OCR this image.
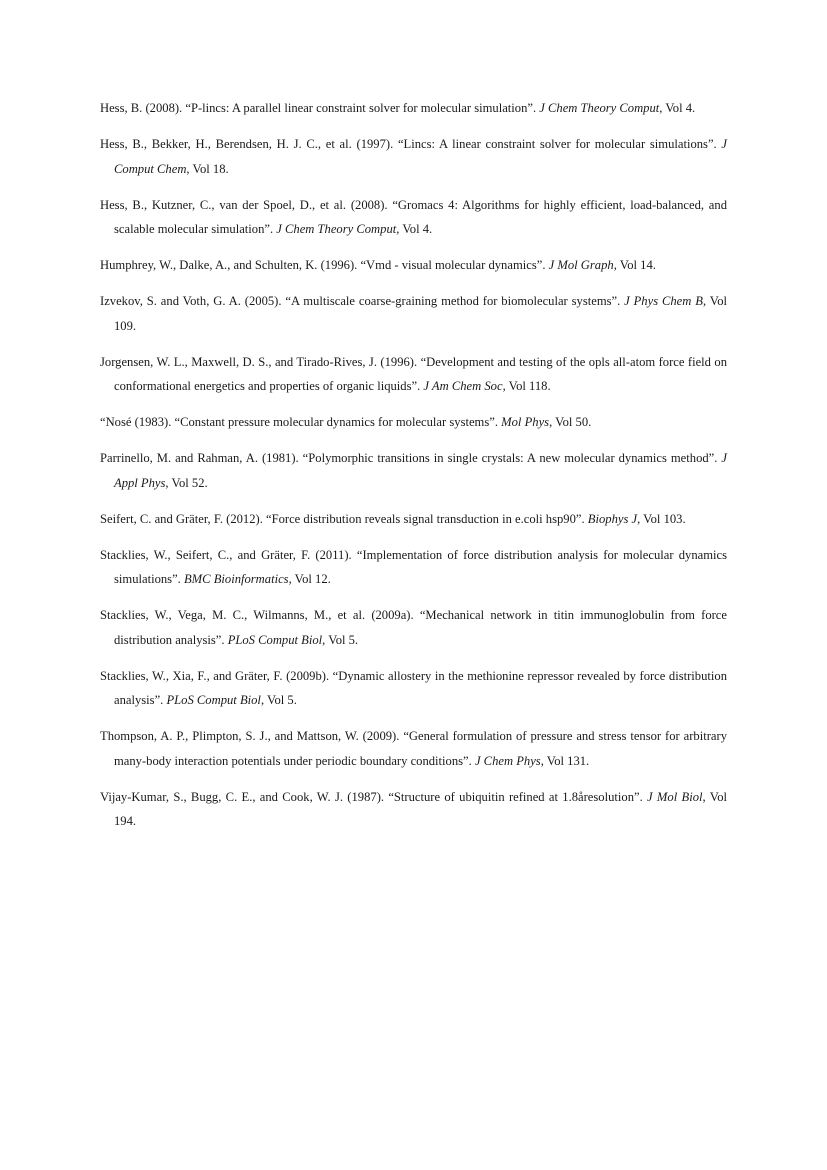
Hess, B. (2008). “P-lincs: A parallel linear constraint solver for molecular simulation”. J Chem Theory Comput, Vol 4.

Hess, B., Bekker, H., Berendsen, H. J. C., et al. (1997). “Lincs: A linear constraint solver for molecular simulations”. J Comput Chem, Vol 18.

Hess, B., Kutzner, C., van der Spoel, D., et al. (2008). “Gromacs 4: Algorithms for highly efficient, load-balanced, and scalable molecular simulation”. J Chem Theory Comput, Vol 4.

Humphrey, W., Dalke, A., and Schulten, K. (1996). “Vmd - visual molecular dynamics”. J Mol Graph, Vol 14.

Izvekov, S. and Voth, G. A. (2005). “A multiscale coarse-graining method for biomolecular systems”. J Phys Chem B, Vol 109.

Jorgensen, W. L., Maxwell, D. S., and Tirado-Rives, J. (1996). “Development and testing of the opls all-atom force field on conformational energetics and properties of organic liquids”. J Am Chem Soc, Vol 118.

“Nosé (1983). “Constant pressure molecular dynamics for molecular systems”. Mol Phys, Vol 50.

Parrinello, M. and Rahman, A. (1981). “Polymorphic transitions in single crystals: A new molecular dynamics method”. J Appl Phys, Vol 52.

Seifert, C. and Gräter, F. (2012). “Force distribution reveals signal transduction in e.coli hsp90”. Biophys J, Vol 103.

Stacklies, W., Seifert, C., and Gräter, F. (2011). “Implementation of force distribution analysis for molecular dynamics simulations”. BMC Bioinformatics, Vol 12.

Stacklies, W., Vega, M. C., Wilmanns, M., et al. (2009a). “Mechanical network in titin immunoglobulin from force distribution analysis”. PLoS Comput Biol, Vol 5.

Stacklies, W., Xia, F., and Gräter, F. (2009b). “Dynamic allostery in the methionine repressor revealed by force distribution analysis”. PLoS Comput Biol, Vol 5.

Thompson, A. P., Plimpton, S. J., and Mattson, W. (2009). “General formulation of pressure and stress tensor for arbitrary many-body interaction potentials under periodic boundary conditions”. J Chem Phys, Vol 131.

Vijay-Kumar, S., Bugg, C. E., and Cook, W. J. (1987). “Structure of ubiquitin refined at 1.8åresolution”. J Mol Biol, Vol 194.
